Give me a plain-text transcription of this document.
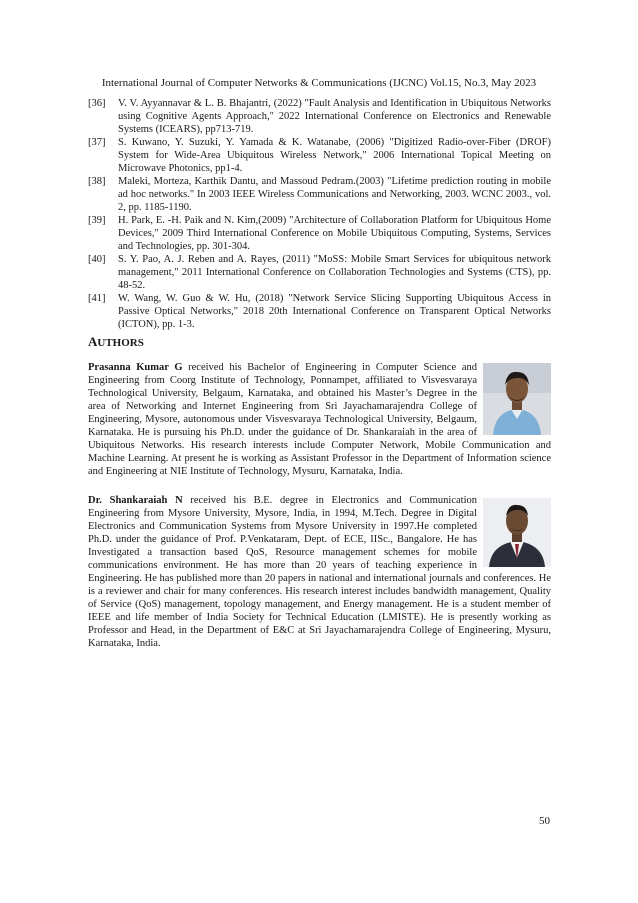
International Journal of Computer Networks & Communications (IJCNC) Vol.15, No.3, May 2023
[36]	V. V. Ayyannavar & L. B. Bhajantri, (2022) "Fault Analysis and Identification in Ubiquitous Networks using Cognitive Agents Approach," 2022 International Conference on Electronics and Renewable Systems (ICEARS), pp713-719.
[37]	S. Kuwano, Y. Suzuki, Y. Yamada & K. Watanabe, (2006) "Digitized Radio-over-Fiber (DROF) System for Wide-Area Ubiquitous Wireless Network," 2006 International Topical Meeting on Microwave Photonics, pp1-4.
[38]	Maleki, Morteza, Karthik Dantu, and Massoud Pedram.(2003) "Lifetime prediction routing in mobile ad hoc networks." In 2003 IEEE Wireless Communications and Networking, 2003. WCNC 2003., vol. 2, pp. 1185-1190.
[39]	H. Park, E. -H. Paik and N. Kim,(2009) "Architecture of Collaboration Platform for Ubiquitous Home Devices," 2009 Third International Conference on Mobile Ubiquitous Computing, Systems, Services and Technologies, pp. 301-304.
[40]	S. Y. Pao, A. J. Reben and A. Rayes, (2011) "MoSS: Mobile Smart Services for ubiquitous network management," 2011 International Conference on Collaboration Technologies and Systems (CTS), pp. 48-52.
[41]	W. Wang, W. Guo & W. Hu, (2018) "Network Service Slicing Supporting Ubiquitous Access in Passive Optical Networks," 2018 20th International Conference on Transparent Optical Networks (ICTON), pp. 1-3.
AUTHORS
Prasanna Kumar G received his Bachelor of Engineering in Computer Science and Engineering from Coorg Institute of Technology, Ponnampet, affiliated to Visvesvaraya Technological University, Belgaum, Karnataka, and obtained his Master’s Degree in the area of Networking and Internet Engineering from Sri Jayachamarajendra College of Engineering, Mysore, autonomous under Visvesvaraya Technological University, Belgaum, Karnataka. He is pursuing his Ph.D. under the guidance of Dr. Shankaraiah in the area of Ubiquitous Networks. His research interests include Computer Network, Mobile Communication and Machine Learning. At present he is working as Assistant Professor in the Department of Information science and Engineering at NIE Institute of Technology, Mysuru, Karnataka, India.
Dr. Shankaraiah N received his B.E. degree in Electronics and Communication Engineering from Mysore University, Mysore, India, in 1994, M.Tech. Degree in Digital Electronics and Communication Systems from Mysore University in 1997.He completed Ph.D. under the guidance of Prof. P.Venkataram, Dept. of ECE, IISc., Bangalore. He has Investigated a transaction based QoS, Resource management schemes for mobile communications environment. He has more than 20 years of teaching experience in Engineering. He has published more than 20 papers in national and international journals and conferences. He is a reviewer and chair for many conferences. His research interest includes bandwidth management, Quality of Service (QoS) management, topology management, and Energy management. He is a student member of IEEE and life member of India Society for Technical Education (LMISTE). He is presently working as Professor and Head, in the Department of E&C at Sri Jayachamarajendra College of Engineering, Mysuru, Karnataka, India.
50
